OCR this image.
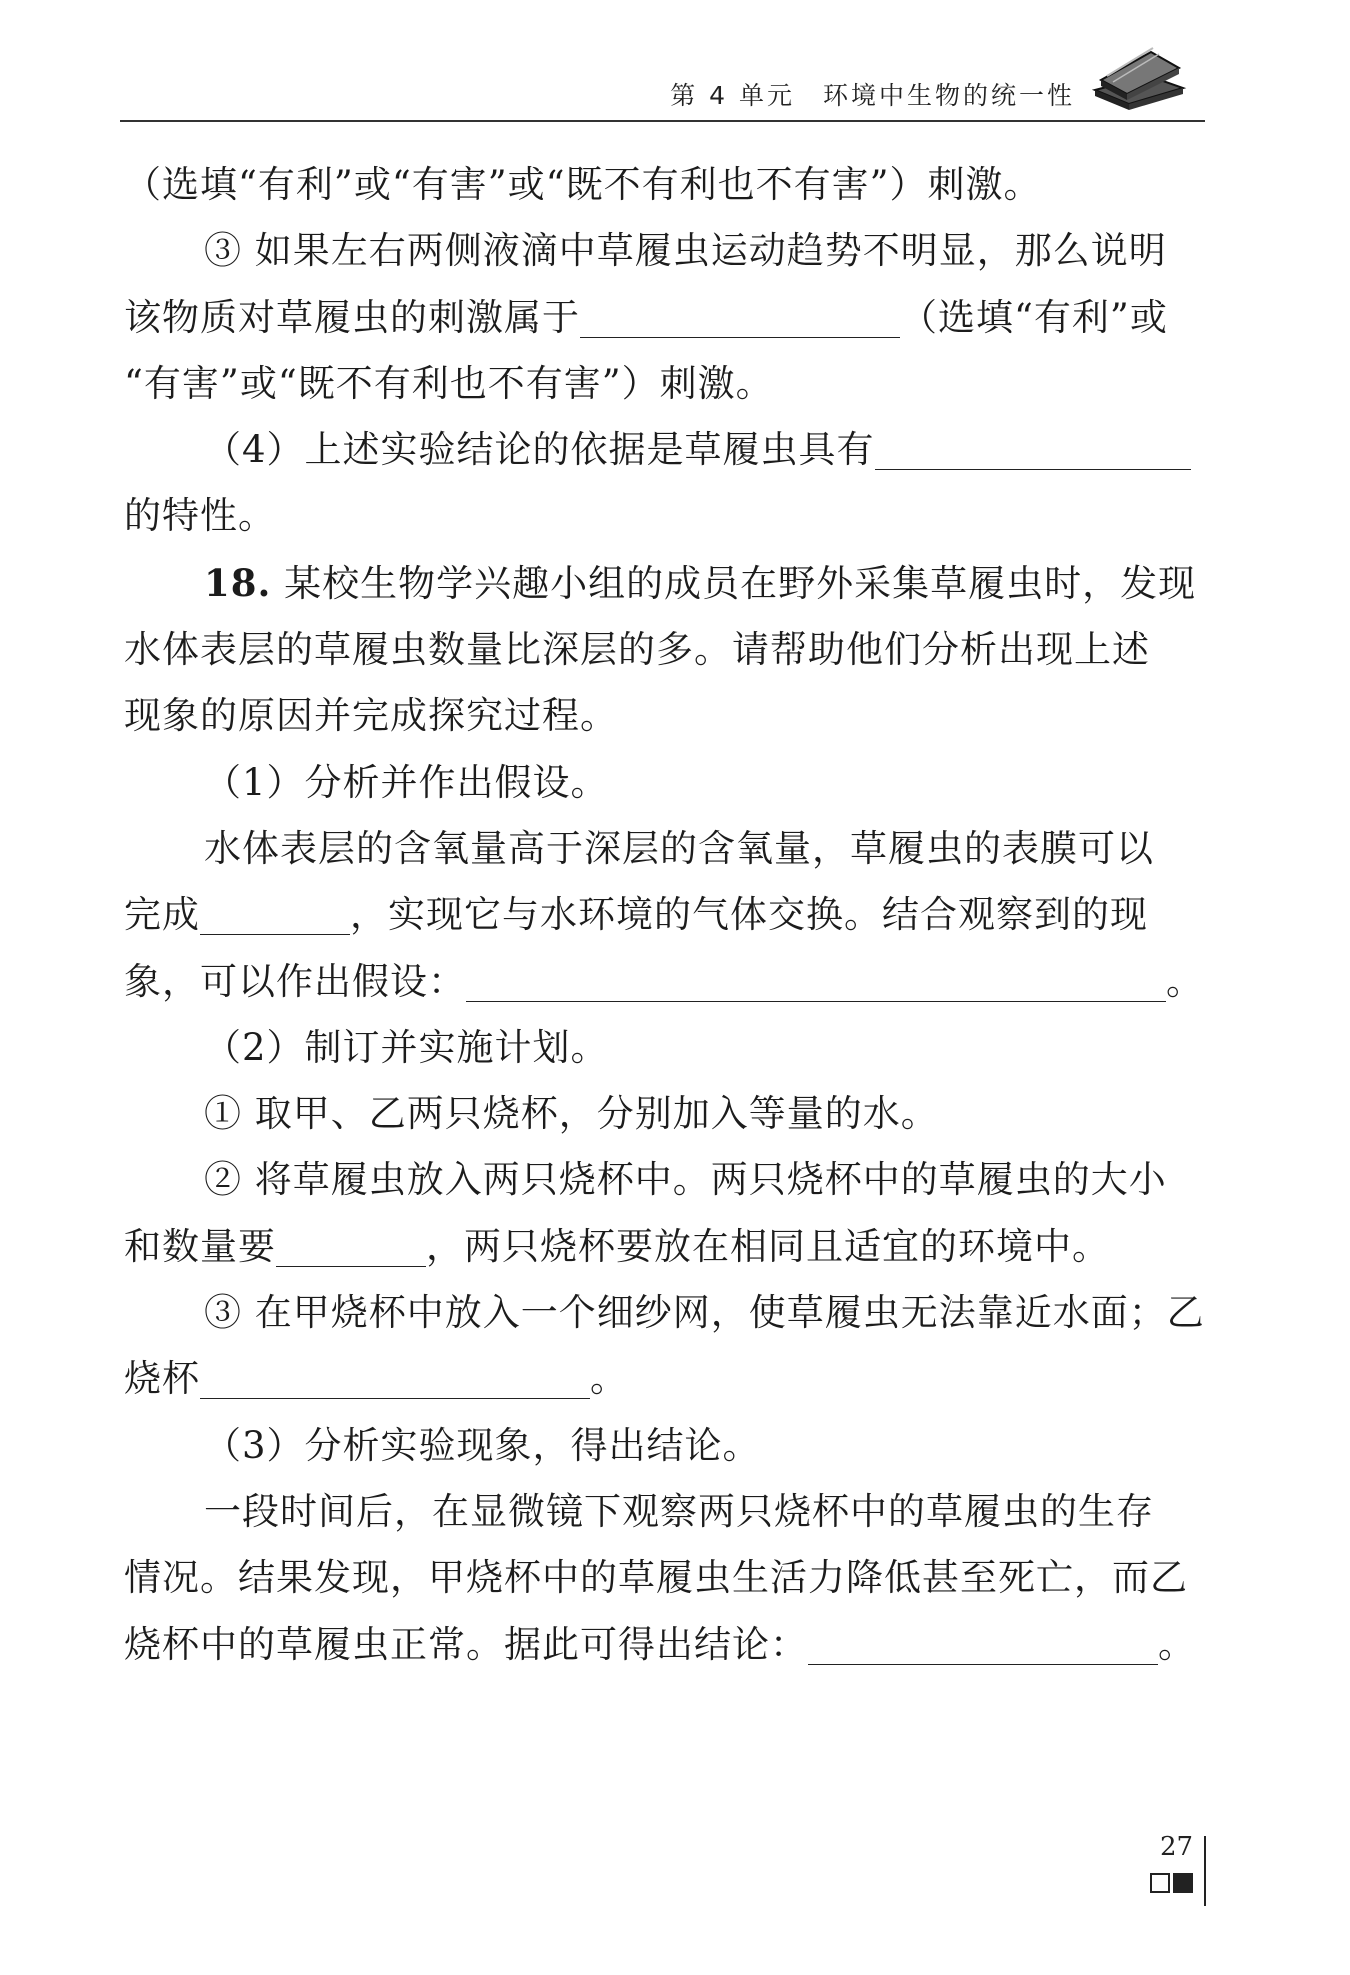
第 4 单元　环境中生物的统一性

（选填“有利”或“有害”或“既不有利也不有害”）刺激。

③ 如果左右两侧液滴中草履虫运动趋势不明显，那么说明

该物质对草履虫的刺激属于	（选填“有利”或

“有害”或“既不有利也不有害”）刺激。

（4）上述实验结论的依据是草履虫具有

的特性。

18. 某校生物学兴趣小组的成员在野外采集草履虫时，发现

水体表层的草履虫数量比深层的多。请帮助他们分析出现上述

现象的原因并完成探究过程。

（1）分析并作出假设。

水体表层的含氧量高于深层的含氧量，草履虫的表膜可以

完成	，实现它与水环境的气体交换。结合观察到的现

象，可以作出假设：	。

（2）制订并实施计划。

① 取甲、乙两只烧杯，分别加入等量的水。

② 将草履虫放入两只烧杯中。两只烧杯中的草履虫的大小

和数量要	，两只烧杯要放在相同且适宜的环境中。

③ 在甲烧杯中放入一个细纱网，使草履虫无法靠近水面；乙

烧杯	。

（3）分析实验现象，得出结论。

一段时间后，在显微镜下观察两只烧杯中的草履虫的生存

情况。结果发现，甲烧杯中的草履虫生活力降低甚至死亡，而乙

烧杯中的草履虫正常。据此可得出结论：	。

27
